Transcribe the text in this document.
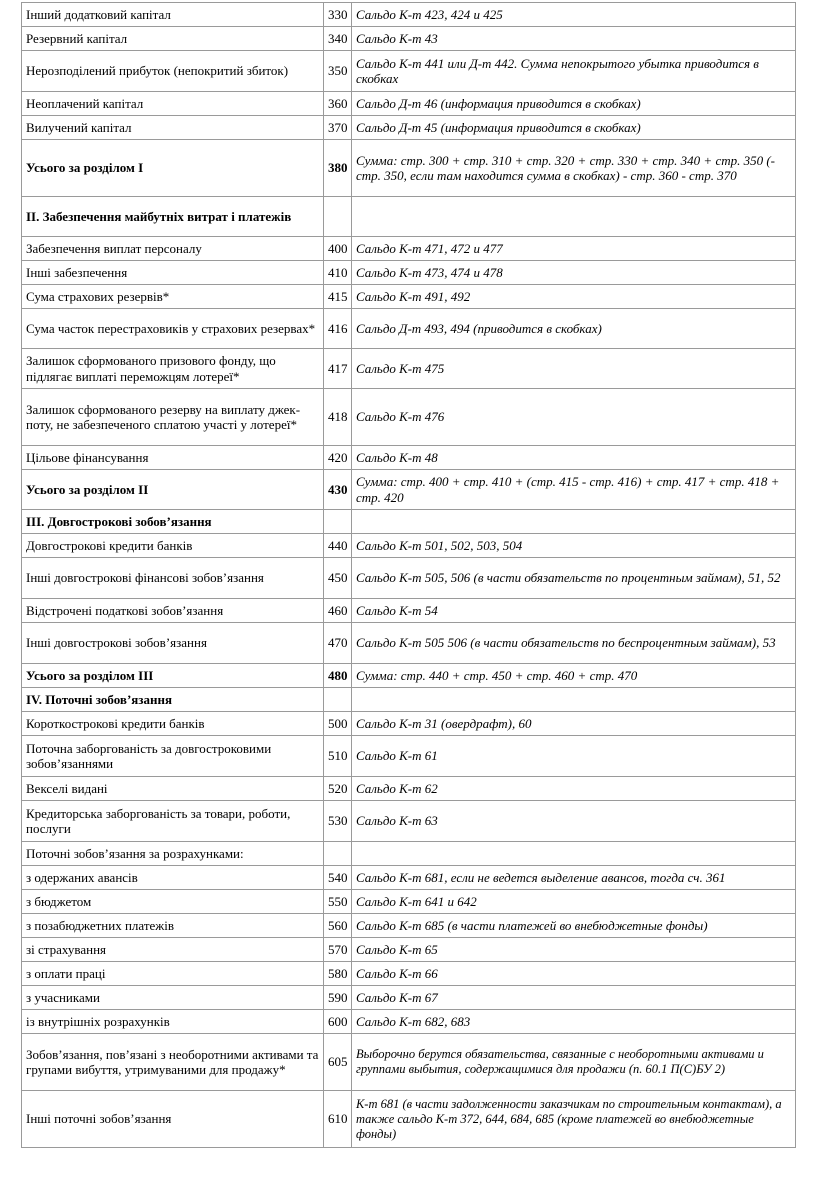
Інший додатковий капітал	330	Сальдо К-т 423, 424 и 425
Резервний капітал	340	Сальдо К-т 43
Нерозподілений прибуток (непокритий збиток)	350	Сальдо К-т 441 или Д-т 442. Сумма непокрытого убытка приводится в скобках
Неоплачений капітал	360	Сальдо Д-т 46 (информация приводится в скобках)
Вилучений капітал	370	Сальдо Д-т 45 (информация приводится в скобках)
Усього за розділом I	380	Сумма: стр. 300 + стр. 310 + стр. 320 + стр. 330 + стр. 340 + стр. 350 (- стр. 350, если там находится сумма в скобках) - стр. 360 - стр. 370
II. Забезпечення майбутніх витрат і платежів		
Забезпечення виплат персоналу	400	Сальдо К-т 471, 472 и 477
Інші забезпечення	410	Сальдо К-т 473, 474 и 478
Сума страхових резервів*	415	Сальдо К-т 491, 492
Сума часток перестраховиків у страхових резервах*	416	Сальдо Д-т 493, 494 (приводится в скобках)
Залишок сформованого призового фонду, що підлягає виплаті переможцям лотереї*	417	Сальдо К-т 475
Залишок сформованого резерву на виплату джек-поту, не забезпеченого сплатою участі у лотереї*	418	Сальдо К-т 476
Цільове фінансування	420	Сальдо К-т 48
Усього за розділом II	430	Сумма: стр. 400 + стр. 410 + (стр. 415 - стр. 416) + стр. 417 + стр. 418 + стр. 420
III. Довгострокові зобов’язання		
Довгострокові кредити банків	440	Сальдо К-т 501, 502, 503, 504
Інші довгострокові фінансові зобов’язання	450	Сальдо К-т 505, 506 (в части обязательств по процентным займам), 51, 52
Відстрочені податкові зобов’язання	460	Сальдо К-т 54
Інші довгострокові зобов’язання	470	Сальдо К-т 505 506 (в части обязательств по беспроцентным займам), 53
Усього за розділом III	480	Сумма: стр. 440 + стр. 450 + стр. 460 + стр. 470
IV. Поточні зобов’язання		
Короткострокові кредити банків	500	Сальдо К-т 31 (овердрафт), 60
Поточна заборгованість за довгостроковими зобов’язаннями	510	Сальдо К-т 61
Векселі видані	520	Сальдо К-т 62
Кредиторська заборгованість за товари, роботи, послуги	530	Сальдо К-т 63
Поточні зобов’язання за розрахунками:		
з одержаних авансів	540	Сальдо К-т 681, если не ведется выделение авансов, тогда сч. 361
з бюджетом	550	Сальдо К-т 641 и 642
з позабюджетних платежів	560	Сальдо К-т 685 (в части платежей во внебюджетные фонды)
зі страхування	570	Сальдо К-т 65
з оплати праці	580	Сальдо К-т 66
з учасниками	590	Сальдо К-т 67
із внутрішніх розрахунків	600	Сальдо К-т 682, 683
Зобов’язання, пов’язані з необоротними активами та групами вибуття, утримуваними для продажу*	605	Выборочно берутся обязательства, связанные с необоротными активами и группами выбытия, содержащимися для продажи (п. 60.1 П(С)БУ 2)
Інші поточні зобов’язання	610	К-т 681 (в части задолженности заказчикам по строительным контактам), а также сальдо К-т 372, 644, 684, 685 (кроме платежей во внебюджетные фонды)
